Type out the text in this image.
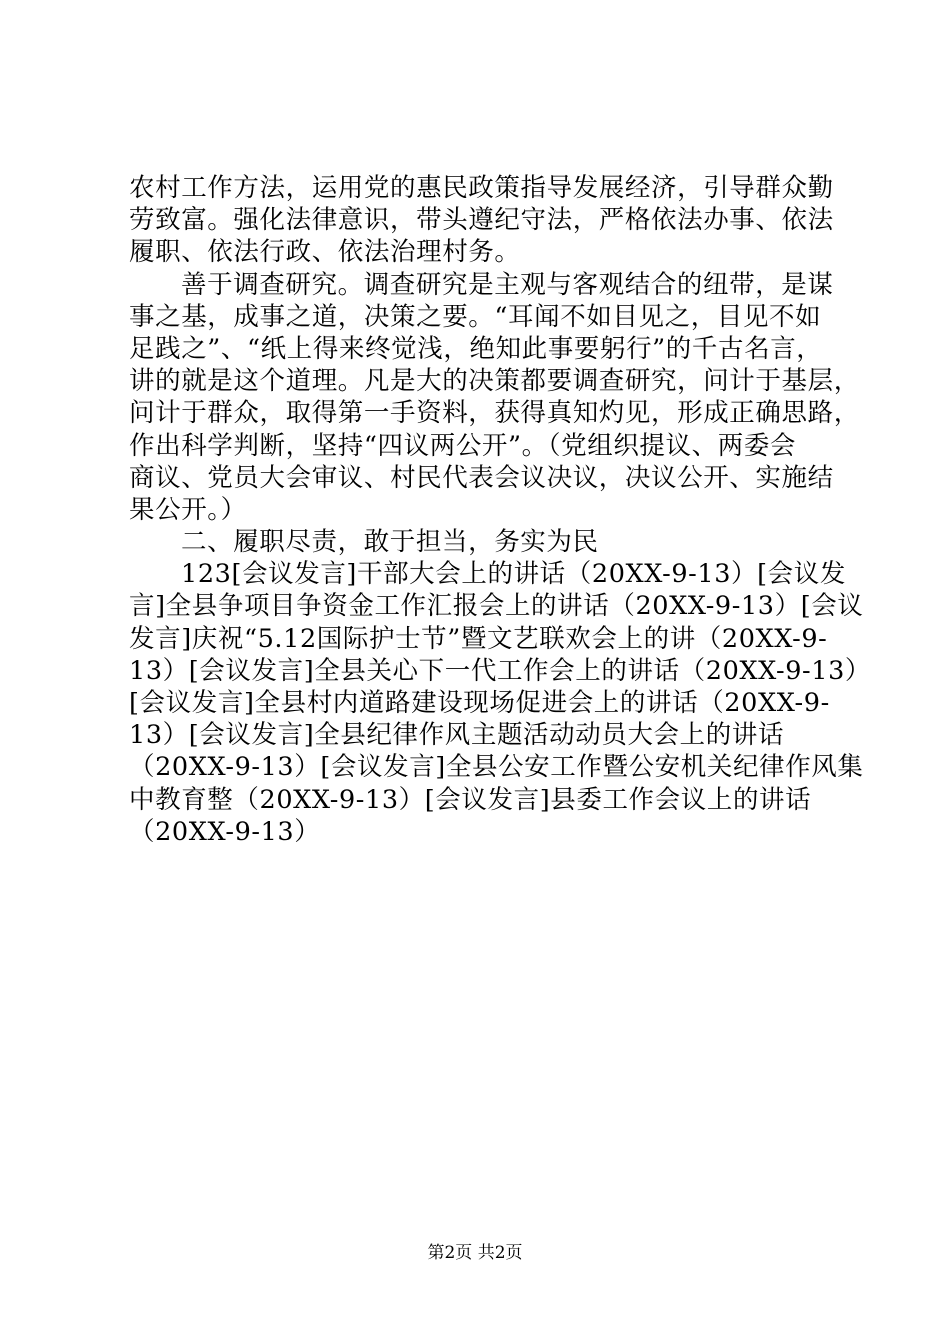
农村工作方法，运用党的惠民政策指导发展经济，引导群众勤
劳致富。强化法律意识，带头遵纪守法，严格依法办事、依法
履职、依法行政、依法治理村务。
善于调查研究。调查研究是主观与客观结合的纽带，是谋
事之基，成事之道，决策之要。“耳闻不如目见之，目见不如
足践之”、“纸上得来终觉浅，绝知此事要躬行”的千古名言，
讲的就是这个道理。凡是大的决策都要调查研究，问计于基层，
问计于群众，取得第一手资料，获得真知灼见，形成正确思路，
作出科学判断，坚持“四议两公开”。（党组织提议、两委会
商议、党员大会审议、村民代表会议决议，决议公开、实施结
果公开。）
二、履职尽责，敢于担当，务实为民
123[会议发言]干部大会上的讲话（20XX-9-13）[会议发
言]全县争项目争资金工作汇报会上的讲话（20XX-9-13）[会议
发言]庆祝“5.12国际护士节”暨文艺联欢会上的讲（20XX-9-
13）[会议发言]全县关心下一代工作会上的讲话（20XX-9-13）
[会议发言]全县村内道路建设现场促进会上的讲话（20XX-9-
13）[会议发言]全县纪律作风主题活动动员大会上的讲话
（20XX-9-13）[会议发言]全县公安工作暨公安机关纪律作风集
中教育整（20XX-9-13）[会议发言]县委工作会议上的讲话
（20XX-9-13）
第2页 共2页
